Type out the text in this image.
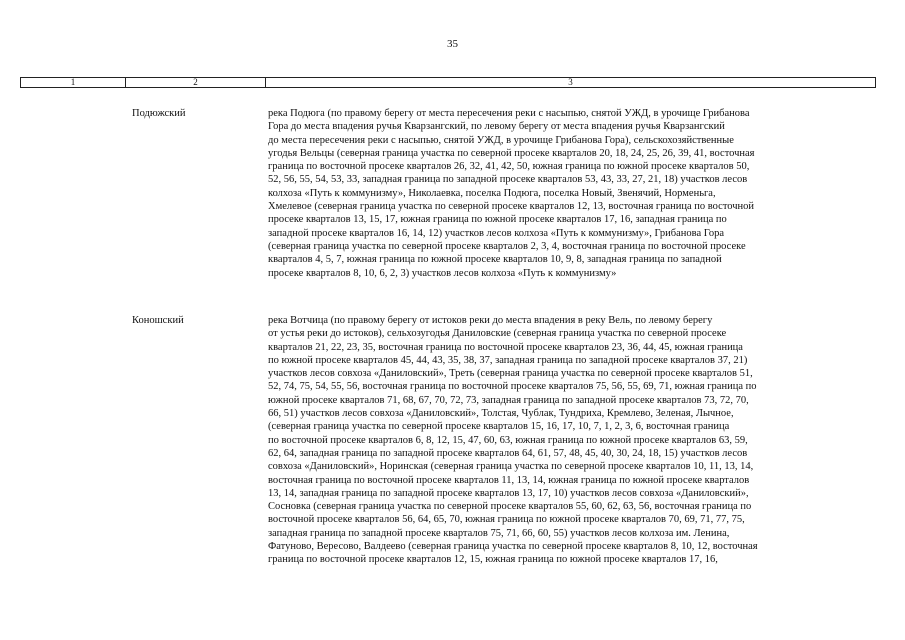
35
1	2	3
Подюжский	река Подюга (по правому берегу от места пересечения реки с насыпью, снятой УЖД, в урочище Грибанова
Гора до места впадения ручья Кварзангский, по левому берегу от места впадения ручья Кварзангский
до места пересечения реки с насыпью, снятой УЖД, в урочище Грибанова Гора), сельскохозяйственные
угодья Вельцы (северная граница участка по северной просеке кварталов 20, 18, 24, 25, 26, 39, 41, восточная
граница по восточной просеке кварталов 26, 32, 41, 42, 50, южная граница по южной просеке кварталов 50,
52, 56, 55, 54, 53, 33, западная граница по западной просеке кварталов 53, 43, 33, 27, 21, 18) участков лесов
колхоза «Путь к коммунизму», Николаевка, поселка Подюга, поселка Новый, Звенячий, Норменьга,
Хмелевое (северная граница участка по северной просеке кварталов 12, 13, восточная граница по восточной
просеке кварталов 13, 15, 17, южная граница по южной просеке кварталов 17, 16, западная граница по
западной просеке кварталов 16, 14, 12) участков лесов колхоза «Путь к коммунизму», Грибанова Гора
(северная граница участка по северной просеке кварталов 2, 3, 4, восточная граница по восточной просеке
кварталов 4, 5, 7, южная граница по южной просеке кварталов 10, 9, 8, западная граница по западной
просеке кварталов 8, 10, 6, 2, 3) участков лесов колхоза «Путь к коммунизму»
Коношский	река Вотчица (по правому берегу от истоков реки до места впадения в реку Вель, по левому берегу
от устья реки до истоков), сельхозугодья Даниловские (северная граница участка по северной просеке
кварталов 21, 22, 23, 35, восточная граница по восточной просеке кварталов 23, 36, 44, 45, южная граница
по южной просеке кварталов 45, 44, 43, 35, 38, 37, западная граница по западной просеке кварталов 37, 21)
участков лесов совхоза «Даниловский», Треть (северная граница участка по северной просеке кварталов 51,
52, 74, 75, 54, 55, 56, восточная граница по восточной просеке кварталов 75, 56, 55, 69, 71, южная граница по
южной просеке кварталов 71, 68, 67, 70, 72, 73, западная граница по западной просеке кварталов 73, 72, 70,
66, 51) участков лесов совхоза «Даниловский», Толстая, Чублак, Тундриха, Кремлево, Зеленая, Лычное,
(северная граница участка по северной просеке кварталов 15, 16, 17, 10, 7, 1, 2, 3, 6, восточная граница
по восточной просеке кварталов 6, 8, 12, 15, 47, 60, 63, южная граница по южной просеке кварталов 63, 59,
62, 64, западная граница по западной просеке кварталов 64, 61, 57, 48, 45, 40, 30, 24, 18, 15) участков лесов
совхоза «Даниловский», Норинская (северная граница участка по северной просеке кварталов 10, 11, 13, 14,
восточная граница по восточной просеке кварталов 11, 13, 14, южная граница по южной просеке кварталов
13, 14, западная граница по западной просеке кварталов 13, 17, 10) участков лесов совхоза «Даниловский»,
Сосновка (северная граница участка по северной просеке кварталов 55, 60, 62, 63, 56, восточная граница по
восточной просеке кварталов 56, 64, 65, 70, южная граница по южной просеке кварталов 70, 69, 71, 77, 75,
западная граница по западной просеке кварталов 75, 71, 66, 60, 55) участков лесов колхоза им. Ленина,
Фатуново, Вересово, Валдеево (северная граница участка по северной просеке кварталов 8, 10, 12, восточная
граница по восточной просеке кварталов 12, 15, южная граница по южной просеке кварталов 17, 16,
